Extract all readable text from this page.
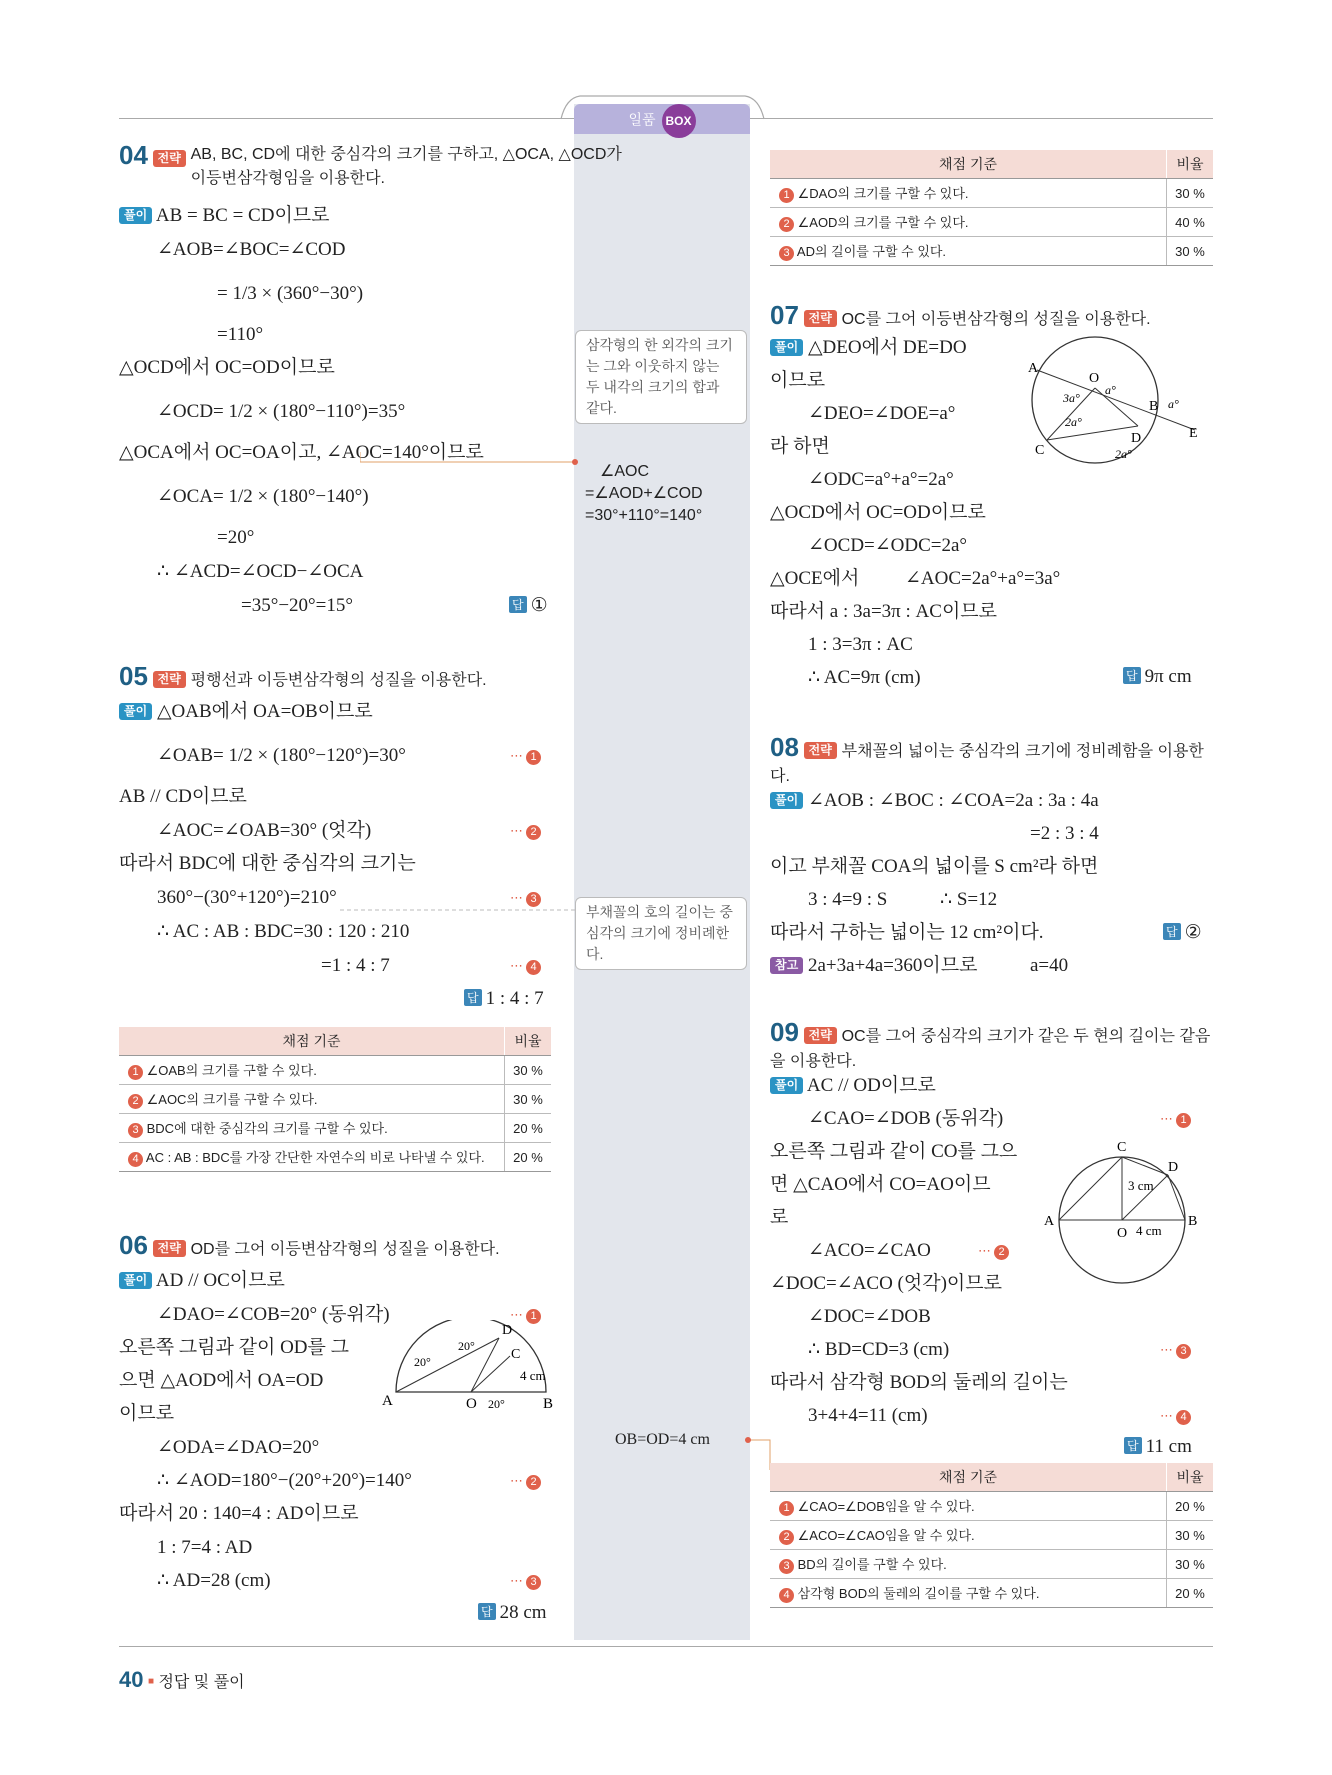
일품 BOX
04 전략 AB, BC, CD에 대한 중심각의 크기를 구하고, △OCA, △OCD가 이등변삼각형임을 이용한다.
풀이 AB = BC = CD이므로
∠AOB=∠BOC=∠COD
= 1/3 × (360°−30°)
=110°
△OCD에서 OC=OD이므로
∠OCD= 1/2 × (180°−110°)=35°
△OCA에서 OC=OA이고, ∠AOC=140°이므로
∠OCA= 1/2 × (180°−140°)
=20°
∴ ∠ACD=∠OCD−∠OCA
=35°−20°=15°	답 ①
삼각형의 한 외각의 크기는 그와 이웃하지 않는 두 내각의 크기의 합과 같다.
∠AOC
=∠AOD+∠COD
=30°+110°=140°
05 전략 평행선과 이등변삼각형의 성질을 이용한다.
풀이 △OAB에서 OA=OB이므로
∠OAB= 1/2 × (180°−120°)=30°	⋯ 1
AB // CD이므로
∠AOC=∠OAB=30° (엇각)	⋯ 2
따라서 BDC에 대한 중심각의 크기는
360°−(30°+120°)=210°	⋯ 3
∴ AC : AB : BDC=30 : 120 : 210
=1 : 4 : 7	⋯ 4
답 1 : 4 : 7
부채꼴의 호의 길이는 중심각의 크기에 정비례한다.
채점 기준	비율
1 ∠OAB의 크기를 구할 수 있다.	30 %
2 ∠AOC의 크기를 구할 수 있다.	30 %
3 BDC에 대한 중심각의 크기를 구할 수 있다.	20 %
4 AC : AB : BDC를 가장 간단한 자연수의 비로 나타낼 수 있다.	20 %
06 전략 OD를 그어 이등변삼각형의 성질을 이용한다.
풀이 AD // OC이므로
∠DAO=∠COB=20° (동위각)	⋯ 1
오른쪽 그림과 같이 OD를 그
으면 △AOD에서 OA=OD
이므로
∠ODA=∠DAO=20°
∴ ∠AOD=180°−(20°+20°)=140°	⋯ 2
따라서 20 : 140=4 : AD이므로
1 : 7=4 : AD
∴ AD=28 (cm)	⋯ 3
답 28 cm
A	O	B
D
C
20°
20°
20°
4 cm
OB=OD=4 cm
채점 기준	비율
1 ∠DAO의 크기를 구할 수 있다.	30 %
2 ∠AOD의 크기를 구할 수 있다.	40 %
3 AD의 길이를 구할 수 있다.	30 %
07 전략 OC를 그어 이등변삼각형의 성질을 이용한다.
풀이 △DEO에서 DE=DO
이므로
∠DEO=∠DOE=a°
라 하면
∠ODC=a°+a°=2a°
△OCD에서 OC=OD이므로
∠OCD=∠ODC=2a°
△OCE에서 ∠AOC=2a°+a°=3a°
따라서 a : 3a=3π : AC이므로
1 : 3=3π : AC
∴ AC=9π (cm)	답 9π cm
A
O
B
C
D	E
a°
a°
3a°
2a°
2a°
08 전략 부채꼴의 넓이는 중심각의 크기에 정비례함을 이용한다.
풀이 ∠AOB : ∠BOC : ∠COA=2a : 3a : 4a
=2 : 3 : 4
이고 부채꼴 COA의 넓이를 S cm²라 하면
3 : 4=9 : S	∴ S=12
따라서 구하는 넓이는 12 cm²이다.	답 ②
참고 2a+3a+4a=360이므로	a=40
09 전략 OC를 그어 중심각의 크기가 같은 두 현의 길이는 같음을 이용한다.
풀이 AC // OD이므로
∠CAO=∠DOB (동위각)	⋯ 1
오른쪽 그림과 같이 CO를 그으
면 △CAO에서 CO=AO이므
로
∠ACO=∠CAO	⋯ 2
∠DOC=∠ACO (엇각)이므로
∠DOC=∠DOB
∴ BD=CD=3 (cm)	⋯ 3
따라서 삼각형 BOD의 둘레의 길이는
3+4+4=11 (cm)	⋯ 4
답 11 cm
A
C
D
B
O
3 cm
4 cm
채점 기준	비율
1 ∠CAO=∠DOB임을 알 수 있다.	20 %
2 ∠ACO=∠CAO임을 알 수 있다.	30 %
3 BD의 길이를 구할 수 있다.	30 %
4 삼각형 BOD의 둘레의 길이를 구할 수 있다.	20 %
40 ■ 정답 및 풀이
